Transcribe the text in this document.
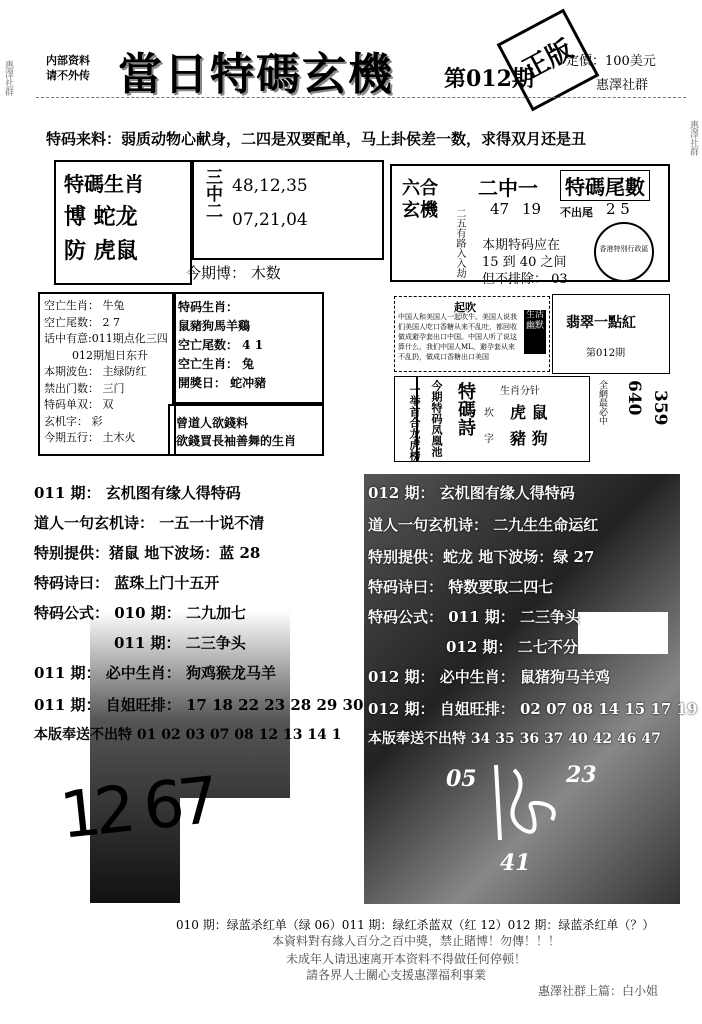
惠澤社群
惠澤社群
内部资料
请不外传 當日特碼玄機 第012期
定價：100美元
惠澤社群
正版
特码来料：弱质动物心献身，二四是双要配单，马上卦侯差一数，求得双月还是丑
特碼生肖
博 蛇龙
防 虎鼠
三中二 48,12,35
07,21,04
今期博： 木数
六合玄機	二五有路入入劫
二中一 特碼尾數
47 19 不出尾 2 5
本期特码应在
15 到 40 之间
但不排除： 03
香港特別行政區
空亡生肖： 牛兔
空亡尾数： 2 7
话中有意:011期点化三四
012期旭日东升
本期波色： 主绿防红
禁出门数： 三门
特码单双： 双
玄机字： 彩
今期五行： 土木火
特码生肖：
鼠豬狗馬羊鷄
空亡尾数： 4 1
空亡生肖： 兔
開獎日： 蛇冲豬
曾道人欲錢料
欲錢買長袖善舞的生肖
起吹
中国人和美国人一起吹牛。美国人说我们美国人吃口香糖从来不乱吐，都回收做成避孕套出口中国。中国人听了说这算什么，我们中国人ML，避孕套从来不乱扔，做成口香糖出口美国
生活幽默 翡翠一點紅
第012期
一举首合龙虎榜 今期特码凤凰池 特碼詩 生肖分针
坎 虎 鼠
字 豬 狗
全網最必中 640 359
011 期： 玄机图有缘人得特码
道人一句玄机诗： 一五一十说不清
特别提供：猪鼠 地下波场：蓝 28
特码诗曰： 蓝珠上门十五开
特码公式： 010 期： 二九加七
011 期： 二三争头
011 期： 必中生肖： 狗鸡猴龙马羊
011 期： 自姐旺排： 17 18 22 23 28 29 30
本版奉送不出特 01 02 03 07 08 12 13 14 1
12 67
012 期： 玄机图有缘人得特码
道人一句玄机诗： 二九生生命运红
特别提供：蛇龙 地下波场：绿 27
特码诗曰： 特数要取二四七
特码公式： 011 期： 二三争头
012 期： 二七不分
012 期： 必中生肖： 鼠猪狗马羊鸡
012 期： 自姐旺排： 02 07 08 14 15 17 19
本版奉送不出特 34 35 36 37 40 42 46 47
05	23
41
010 期：绿蓝杀红单（绿 06）011 期：绿红杀蓝双（红 12）012 期：绿蓝杀红单（？）
本資料對有緣人百分之百中獎，禁止賭博！勿傳！！！
未成年人请迅速离开本资料不得做任何停顿！
請各界人士關心支援惠澤福利事業
惠澤社群上篇：白小姐
